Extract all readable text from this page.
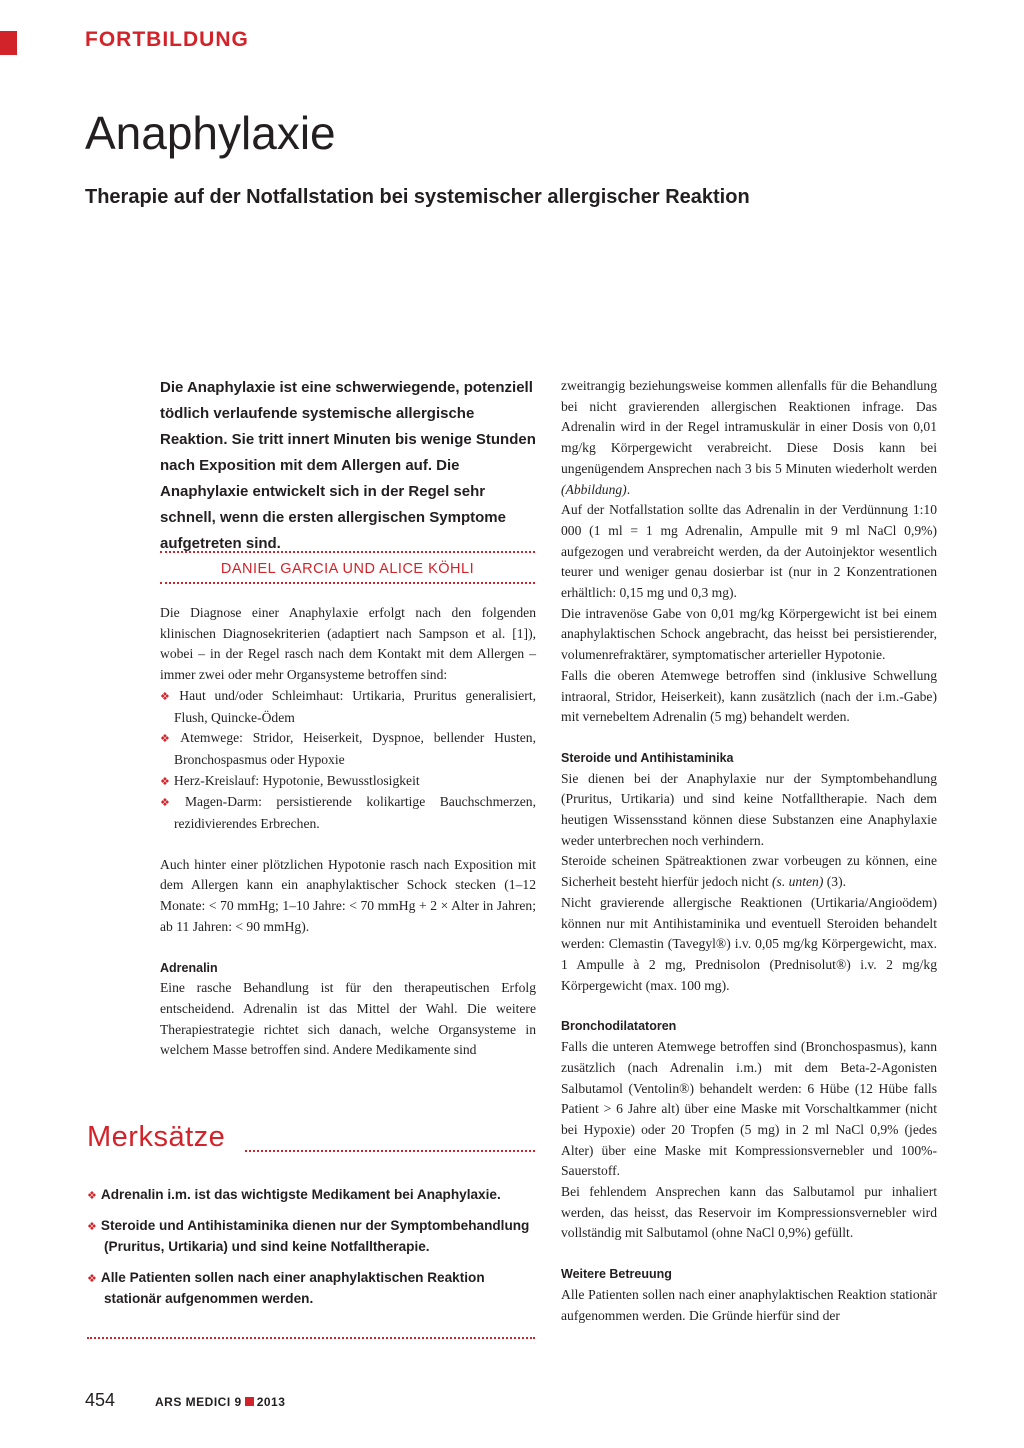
FORTBILDUNG
Anaphylaxie
Therapie auf der Notfallstation bei systemischer allergischer Reaktion
Die Anaphylaxie ist eine schwerwiegende, potenziell tödlich verlaufende systemische allergische Reaktion. Sie tritt innert Minuten bis wenige Stunden nach Exposition mit dem Allergen auf. Die Anaphylaxie entwickelt sich in der Regel sehr schnell, wenn die ersten allergischen Symptome aufgetreten sind.
DANIEL GARCIA UND ALICE KÖHLI

Die Diagnose einer Anaphylaxie erfolgt nach den folgenden klinischen Diagnosekriterien (adaptiert nach Sampson et al. [1]), wobei – in der Regel rasch nach dem Kontakt mit dem Allergen – immer zwei oder mehr Organsysteme betroffen sind:

❖ Haut und/oder Schleimhaut: Urtikaria, Pruritus generalisiert, Flush, Quincke-Ödem

❖ Atemwege: Stridor, Heiserkeit, Dyspnoe, bellender Husten, Bronchospasmus oder Hypoxie

❖ Herz-Kreislauf: Hypotonie, Bewusstlosigkeit

❖ Magen-Darm: persistierende kolikartige Bauchschmerzen, rezidivierendes Erbrechen.

Auch hinter einer plötzlichen Hypotonie rasch nach Exposition mit dem Allergen kann ein anaphylaktischer Schock stecken (1–12 Monate: < 70 mmHg; 1–10 Jahre: < 70 mmHg + 2 × Alter in Jahren; ab 11 Jahren: < 90 mmHg).

Adrenalin

Eine rasche Behandlung ist für den therapeutischen Erfolg entscheidend. Adrenalin ist das Mittel der Wahl. Die weitere Therapiestrategie richtet sich danach, welche Organsysteme in welchem Masse betroffen sind. Andere Medikamente sind

zweitrangig beziehungsweise kommen allenfalls für die Behandlung bei nicht gravierenden allergischen Reaktionen infrage. Das Adrenalin wird in der Regel intramuskulär in einer Dosis von 0,01 mg/kg Körpergewicht verabreicht. Diese Dosis kann bei ungenügendem Ansprechen nach 3 bis 5 Minuten wiederholt werden (Abbildung).

Auf der Notfallstation sollte das Adrenalin in der Verdünnung 1:10 000 (1 ml = 1 mg Adrenalin, Ampulle mit 9 ml NaCl 0,9%) aufgezogen und verabreicht werden, da der Autoinjektor wesentlich teurer und weniger genau dosierbar ist (nur in 2 Konzentrationen erhältlich: 0,15 mg und 0,3 mg).

Die intravenöse Gabe von 0,01 mg/kg Körpergewicht ist bei einem anaphylaktischen Schock angebracht, das heisst bei persistierender, volumenrefraktärer, symptomatischer arterieller Hypotonie.

Falls die oberen Atemwege betroffen sind (inklusive Schwellung intraoral, Stridor, Heiserkeit), kann zusätzlich (nach der i.m.-Gabe) mit vernebeltem Adrenalin (5 mg) behandelt werden.

Steroide und Antihistaminika

Sie dienen bei der Anaphylaxie nur der Symptombehandlung (Pruritus, Urtikaria) und sind keine Notfalltherapie. Nach dem heutigen Wissensstand können diese Substanzen eine Anaphylaxie weder unterbrechen noch verhindern.

Steroide scheinen Spätreaktionen zwar vorbeugen zu können, eine Sicherheit besteht hierfür jedoch nicht (s. unten) (3).

Nicht gravierende allergische Reaktionen (Urtikaria/Angioödem) können nur mit Antihistaminika und eventuell Steroiden behandelt werden: Clemastin (Tavegyl®) i.v. 0,05 mg/kg Körpergewicht, max. 1 Ampulle à 2 mg, Prednisolon (Prednisolut®) i.v. 2 mg/kg Körpergewicht (max. 100 mg).

Bronchodilatatoren

Falls die unteren Atemwege betroffen sind (Bronchospasmus), kann zusätzlich (nach Adrenalin i.m.) mit dem Beta-2-Agonisten Salbutamol (Ventolin®) behandelt werden: 6 Hübe (12 Hübe falls Patient > 6 Jahre alt) über eine Maske mit Vorschaltkammer (nicht bei Hypoxie) oder 20 Tropfen (5 mg) in 2 ml NaCl 0,9% (jedes Alter) über eine Maske mit Kompressionsvernebler und 100%-Sauerstoff.

Bei fehlendem Ansprechen kann das Salbutamol pur inhaliert werden, das heisst, das Reservoir im Kompressionsvernebler wird vollständig mit Salbutamol (ohne NaCl 0,9%) gefüllt.

Weitere Betreuung

Alle Patienten sollen nach einer anaphylaktischen Reaktion stationär aufgenommen werden. Die Gründe hierfür sind der

Merksätze
❖ Adrenalin i.m. ist das wichtigste Medikament bei Anaphylaxie.
❖ Steroide und Antihistaminika dienen nur der Symptombehandlung (Pruritus, Urtikaria) und sind keine Notfalltherapie.
❖ Alle Patienten sollen nach einer anaphylaktischen Reaktion stationär aufgenommen werden.
454	ARS MEDICI 9 2013
